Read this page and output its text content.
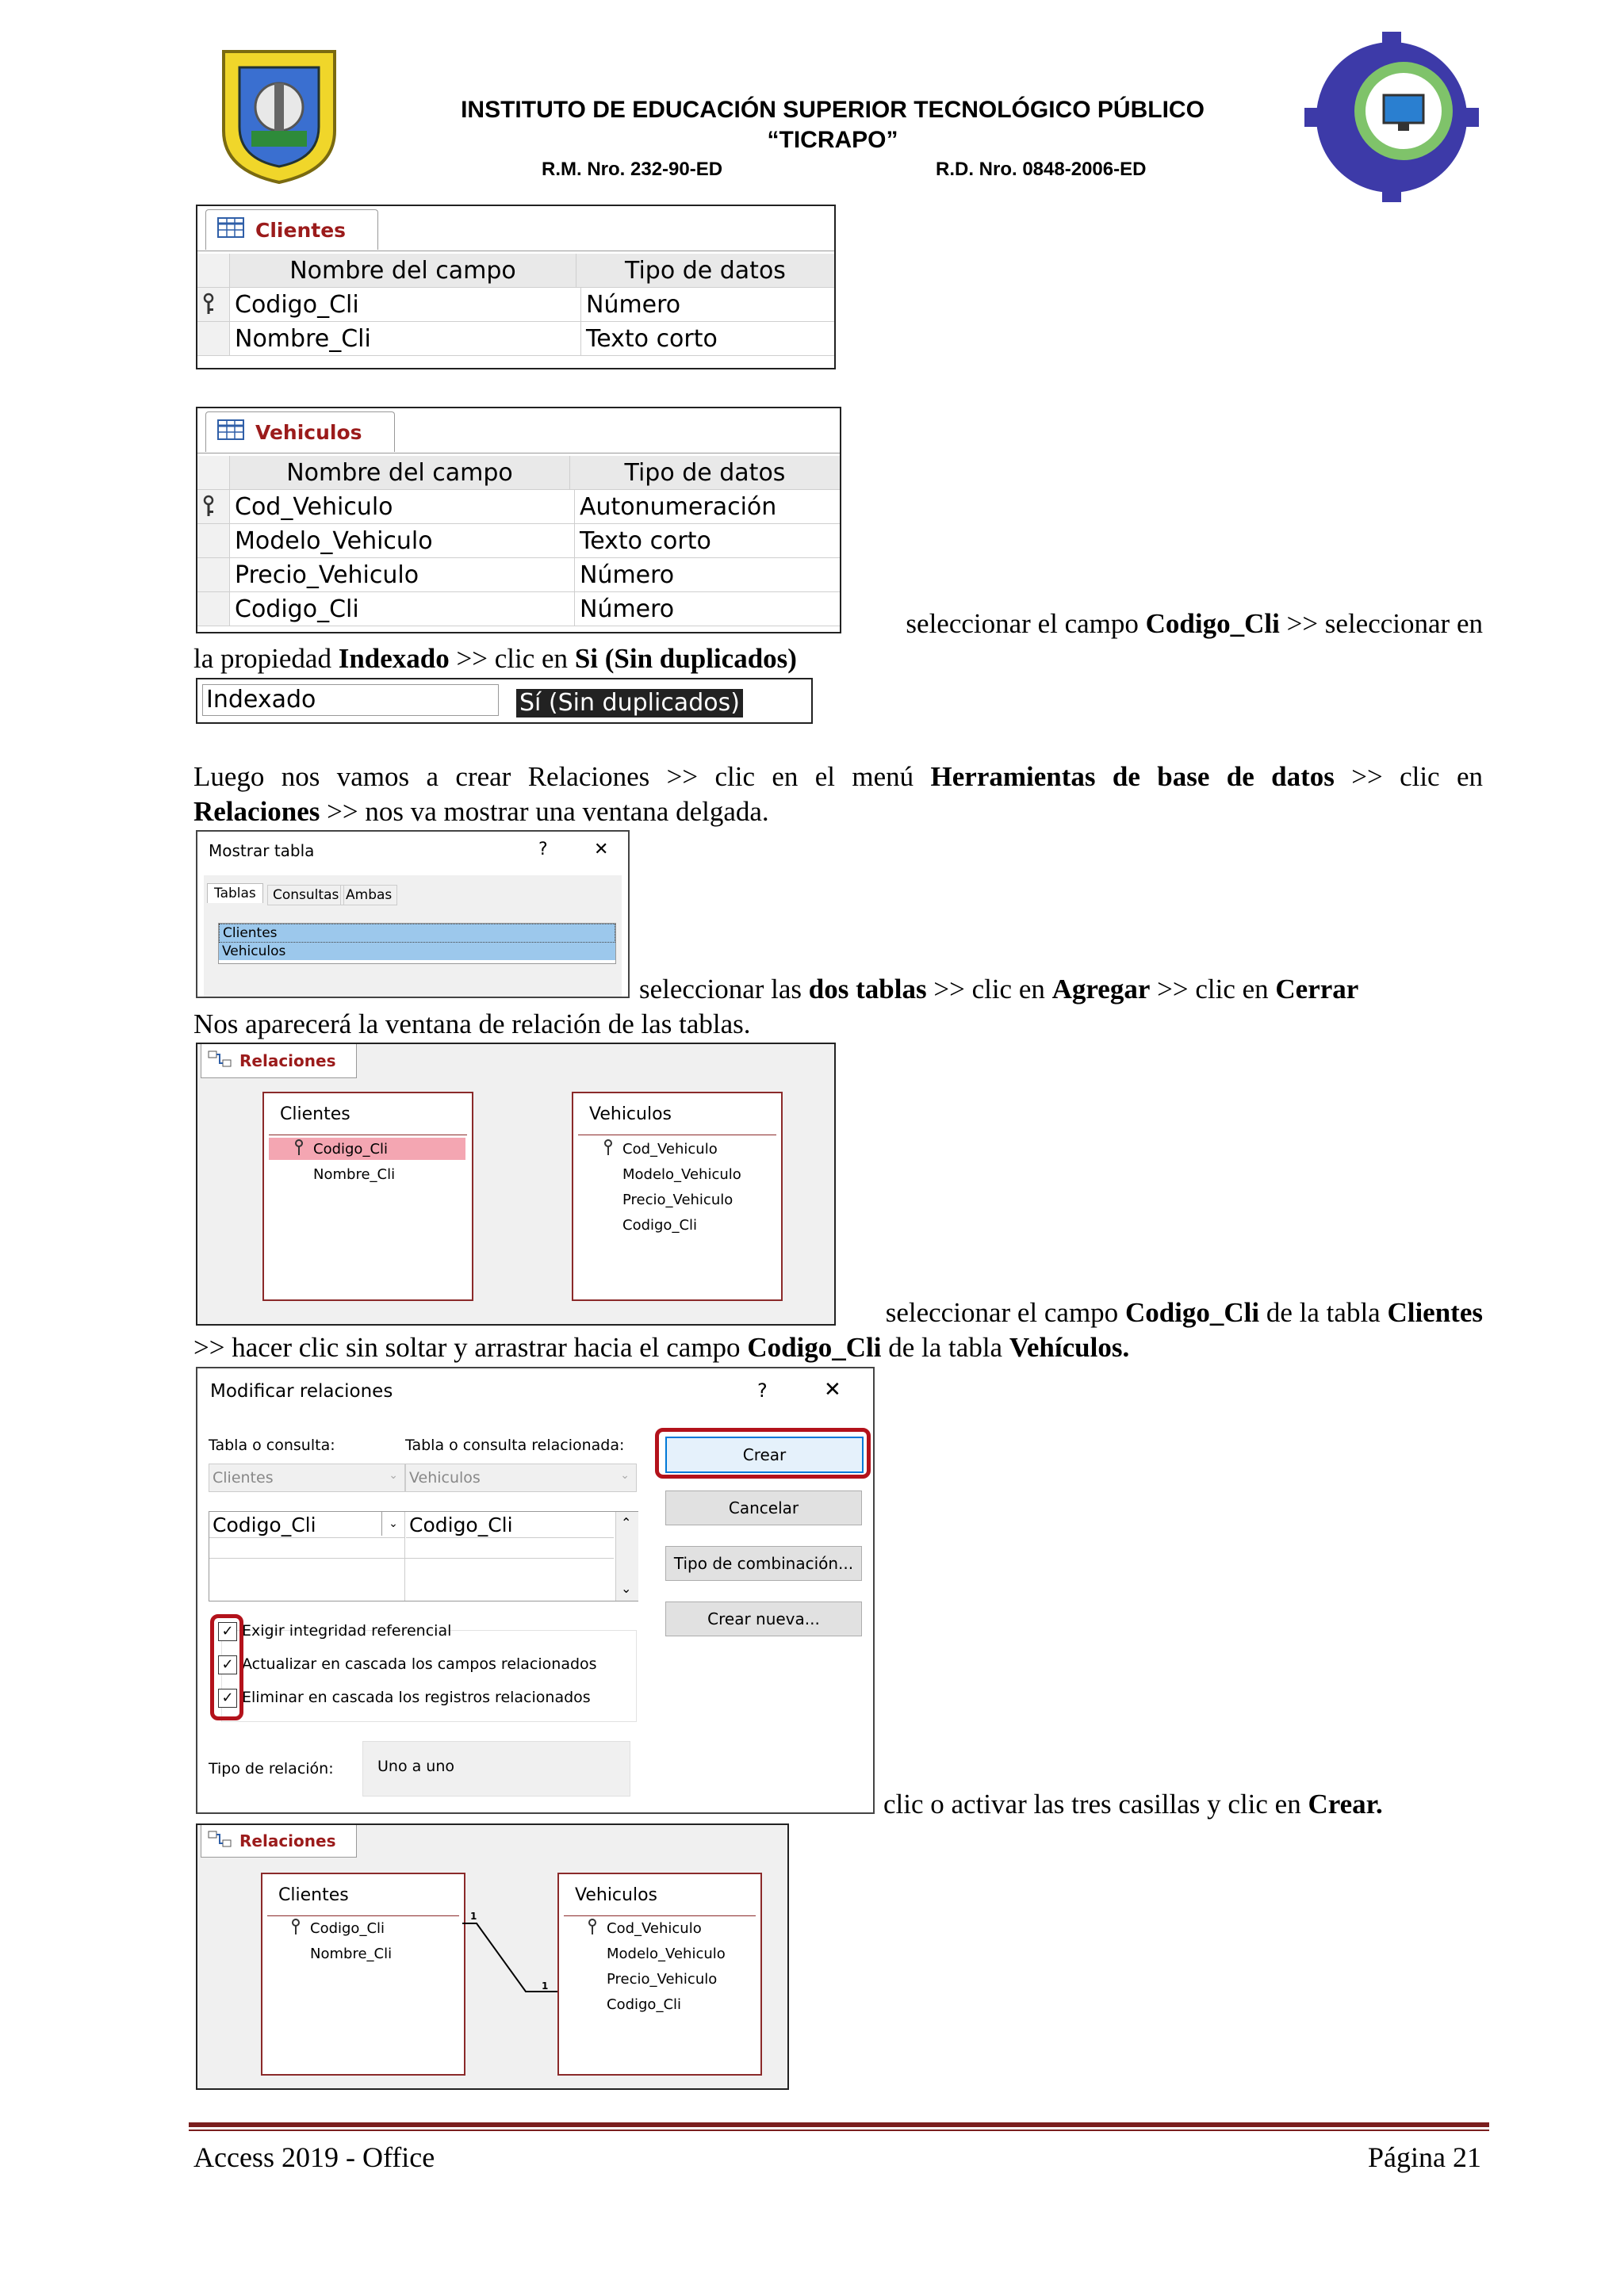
INSTITUTO DE EDUCACIÓN SUPERIOR TECNOLÓGICO PÚBLICO
“TICRAPO”
R.M. Nro. 232-90-ED	R.D. Nro. 0848-2006-ED
Clientes
Nombre del campo	Tipo de datos
Codigo_Cli	Número
Nombre_Cli	Texto corto
Vehiculos
Nombre del campo	Tipo de datos
Cod_Vehiculo	Autonumeración
Modelo_Vehiculo	Texto corto
Precio_Vehiculo	Número
Codigo_Cli	Número	seleccionar el campo Codigo_Cli >> seleccionar en
la propiedad Indexado >> clic en Si (Sin duplicados)
Indexado	Sí (Sin duplicados)
Luego nos vamos a crear Relaciones >> clic en el menú Herramientas de base de datos >> clic en
Relaciones >> nos va mostrar una ventana delgada.
Mostrar tabla	?	✕
Tablas	Consultas Ambas
Clientes
Vehiculos
seleccionar las dos tablas >> clic en Agregar >> clic en Cerrar
Nos aparecerá la ventana de relación de las tablas.
Relaciones
Clientes
Codigo_Cli
Nombre_Cli
Vehiculos
Cod_Vehiculo
Modelo_Vehiculo
Precio_Vehiculo
Codigo_Cli
seleccionar el campo Codigo_Cli de la tabla Clientes
>> hacer clic sin soltar y arrastrar hacia el campo Codigo_Cli de la tabla Vehículos.
Modificar relaciones	?	✕
Tabla o consulta:	Tabla o consulta relacionada:
Clientes	⌄ Vehiculos	⌄
Codigo_Cli	⌄ Codigo_Cli	⌃
⌄
✓ Exigir integridad referencial
✓ Actualizar en cascada los campos relacionados
✓ Eliminar en cascada los registros relacionados
Tipo de relación:	Uno a uno
Crear
Cancelar
Tipo de combinación...
Crear nueva...
clic o activar las tres casillas y clic en Crear.
Relaciones
Clientes
Codigo_Cli
Nombre_Cli
Vehiculos
Cod_Vehiculo
Modelo_Vehiculo
Precio_Vehiculo
Codigo_Cli
1
1
Access 2019 - Office	Página 21
